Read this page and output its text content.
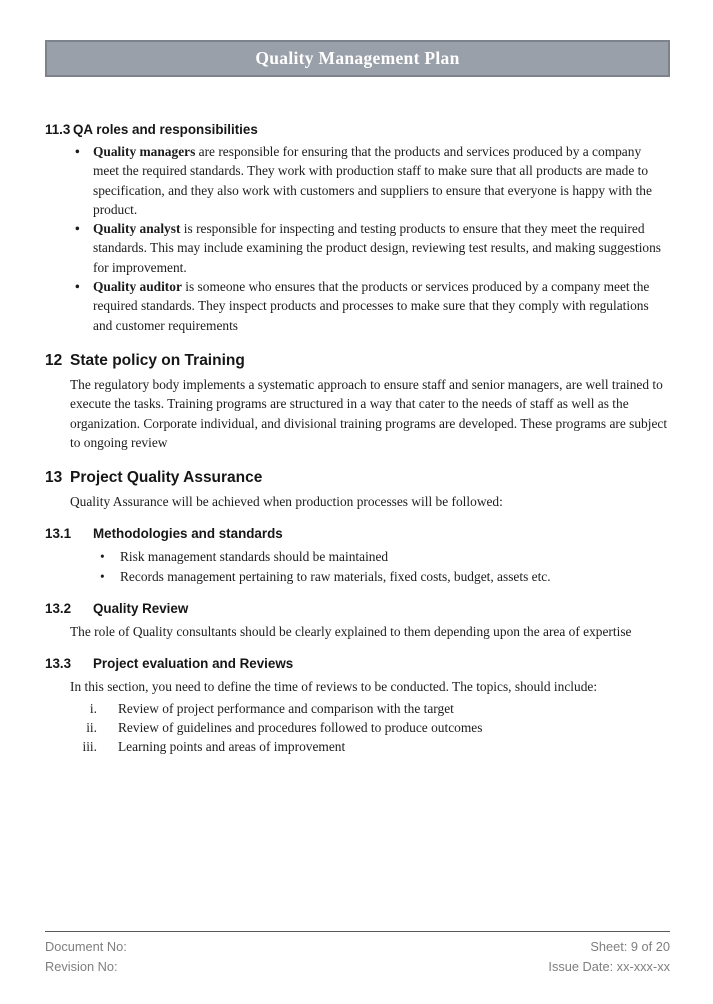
Quality Management Plan
11.3 QA roles and responsibilities
• Quality managers are responsible for ensuring that the products and services produced by a company meet the required standards. They work with production staff to make sure that all products are made to specification, and they also work with customers and suppliers to ensure that everyone is happy with the product.
• Quality analyst is responsible for inspecting and testing products to ensure that they meet the required standards. This may include examining the product design, reviewing test results, and making suggestions for improvement.
• Quality auditor is someone who ensures that the products or services produced by a company meet the required standards. They inspect products and processes to make sure that they comply with regulations and customer requirements
12 State policy on Training

The regulatory body implements a systematic approach to ensure staff and senior managers, are well trained to execute the tasks. Training programs are structured in a way that cater to the needs of staff as well as the organization. Corporate individual, and divisional training programs are developed. These programs are subject to ongoing review

13 Project Quality Assurance

Quality Assurance will be achieved when production processes will be followed:

13.1	Methodologies and standards
• Risk management standards should be maintained
• Records management pertaining to raw materials, fixed costs, budget, assets etc.
13.2	Quality Review

The role of Quality consultants should be clearly explained to them depending upon the area of expertise

13.3	Project evaluation and Reviews

In this section, you need to define the time of reviews to be conducted. The topics, should include:

i. Review of project performance and comparison with the target
ii. Review of guidelines and procedures followed to produce outcomes
iii. Learning points and areas of improvement
Document No:
Revision No:
Sheet: 9 of 20
Issue Date: xx-xxx-xx
